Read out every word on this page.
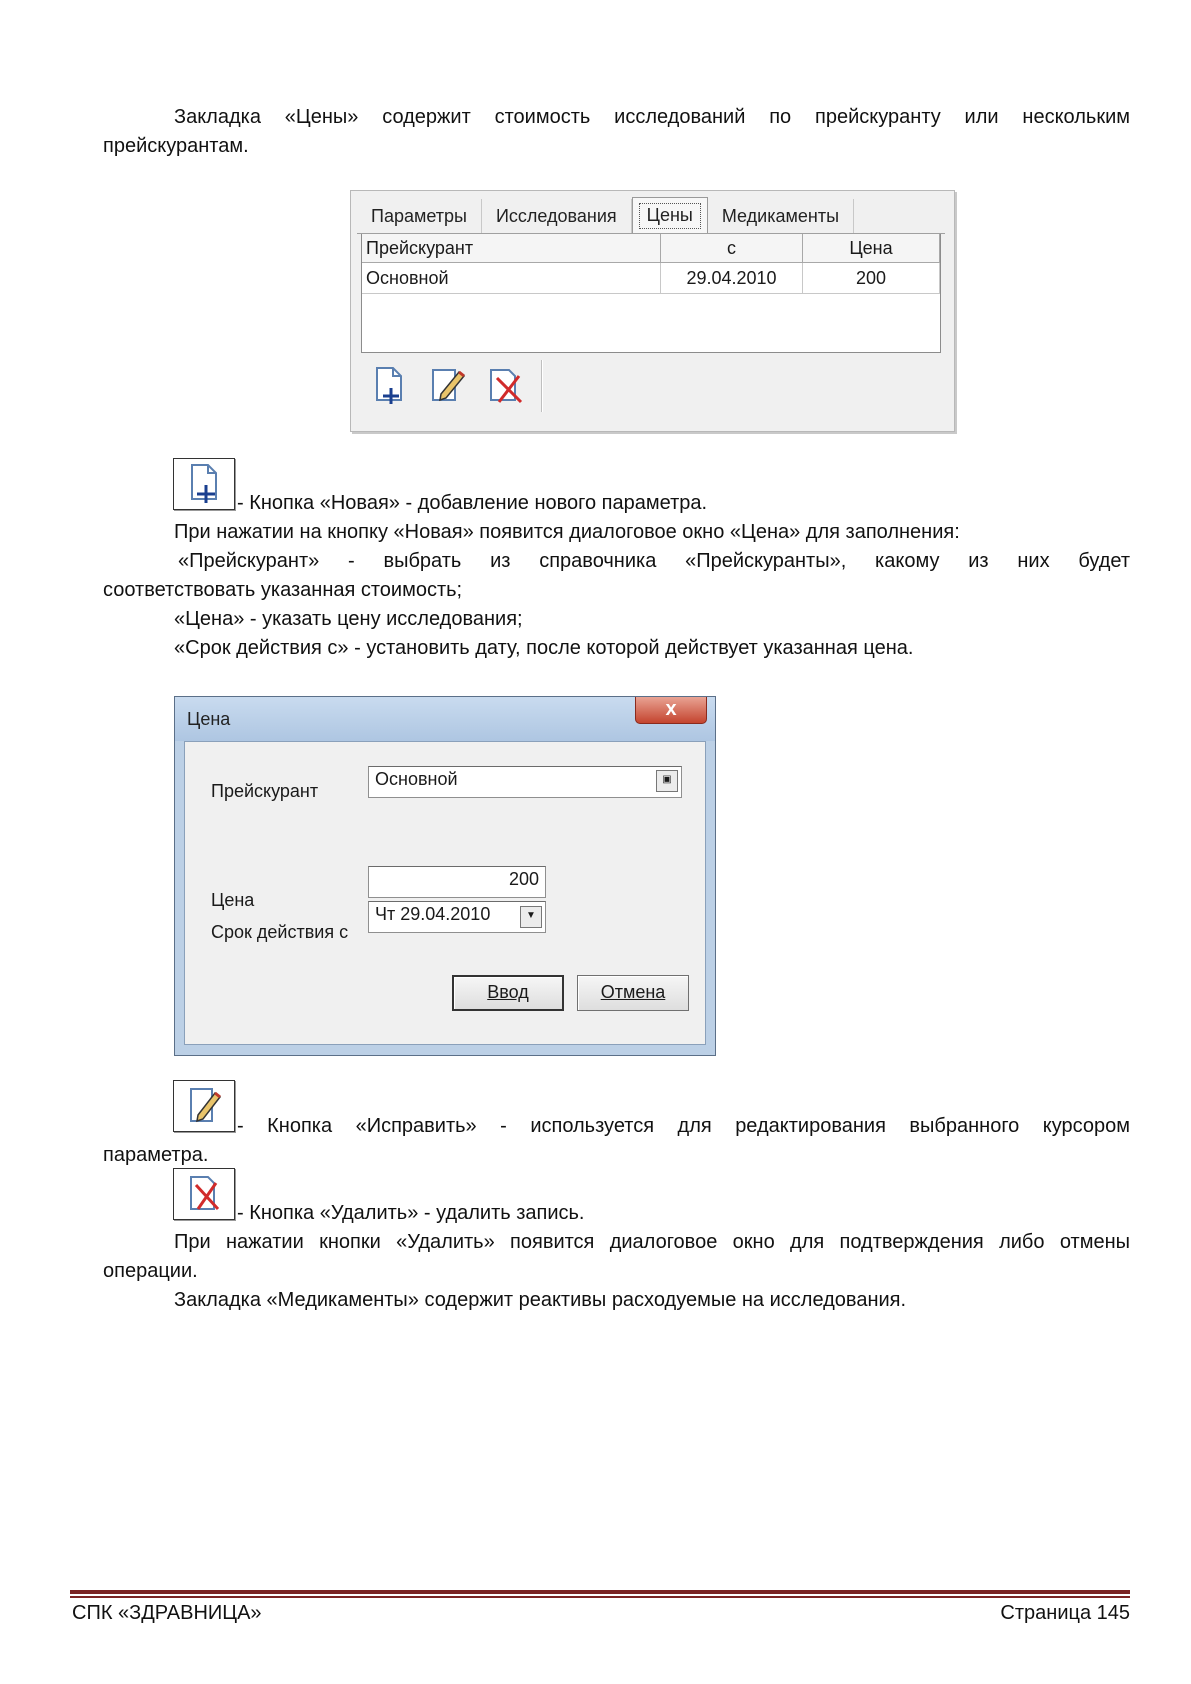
Закладка «Цены» содержит стоимость исследований по прейскуранту или нескольким

прейскурантам.

Параметры	Исследования	Цены	Медикаменты
Прейскурант	с	Цена
Основной	29.04.2010	200

- Кнопка «Новая» - добавление нового параметра.

При нажатии на кнопку «Новая» появится диалоговое окно «Цена» для заполнения:

«Прейскурант» - выбрать из справочника «Прейскуранты», какому из них будет

соответствовать указанная стоимость;

«Цена» - указать цену исследования;

«Срок действия с» - установить дату, после которой действует указанная цена.

Цена	x
Прейскурант
Основной	▣
Цена
200
Срок действия с
Чт 29.04.2010	▼
Ввод	Отмена

- Кнопка «Исправить» - используется для редактирования выбранного курсором

параметра.

- Кнопка «Удалить» - удалить запись.

При нажатии кнопки «Удалить» появится диалоговое окно для подтверждения либо отмены

операции.

Закладка «Медикаменты» содержит реактивы расходуемые на исследования.

СПК «ЗДРАВНИЦА»	Страница 145
